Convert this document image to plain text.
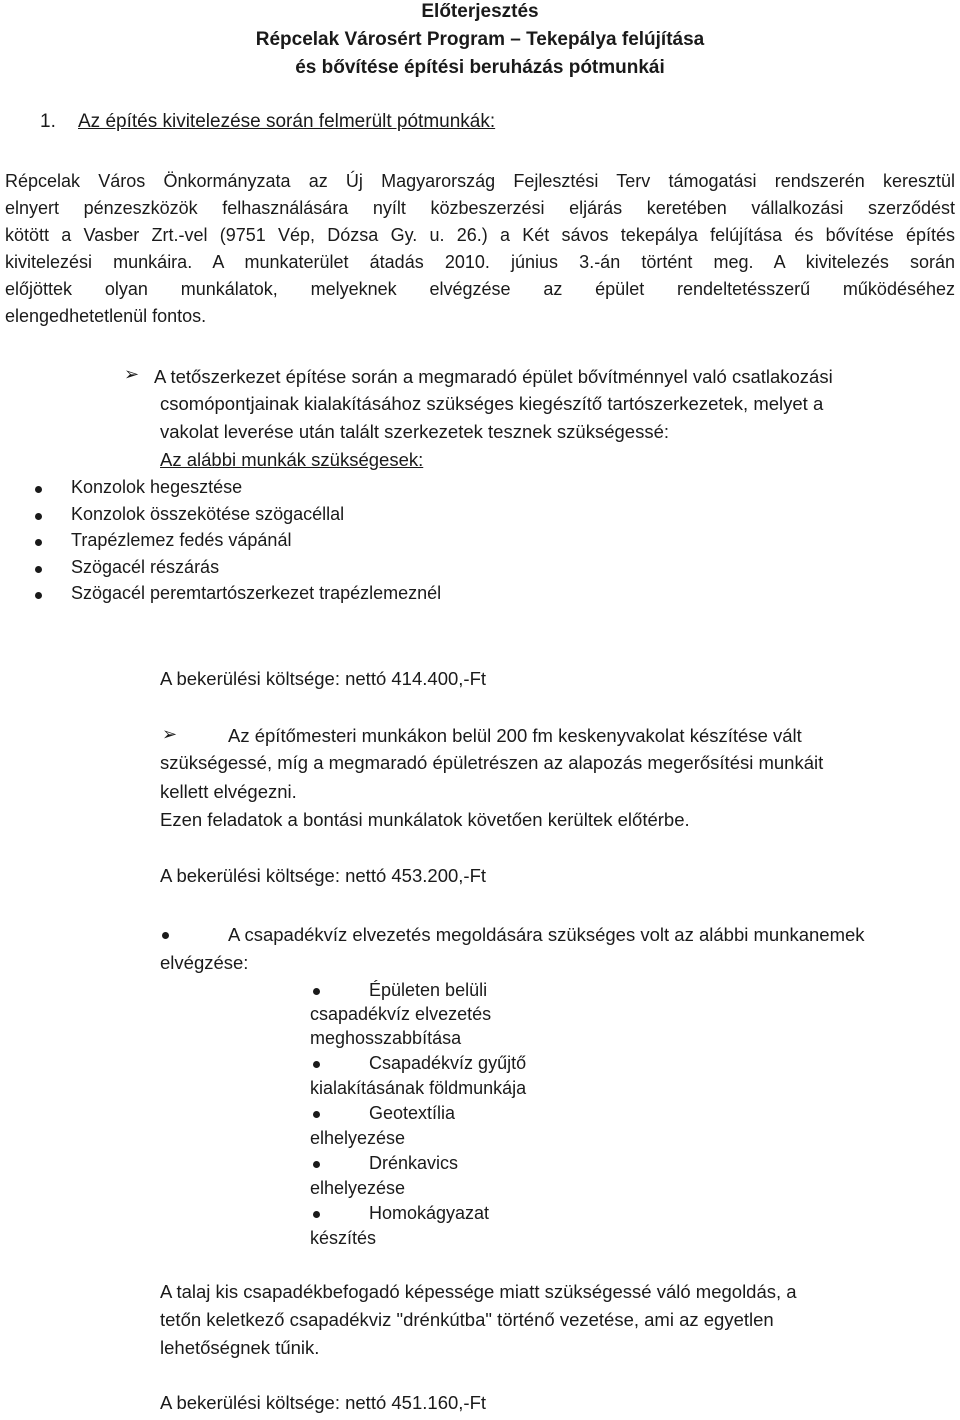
Előterjesztés
Répcelak Városért Program – Tekepálya felújítása
és bővítése építési beruházás pótmunkái
1. Az építés kivitelezése során felmerült pótmunkák:
Répcelak Város Önkormányzata az Új Magyarország Fejlesztési Terv támogatási rendszerén keresztül
elnyert pénzeszközök felhasználására nyílt közbeszerzési eljárás keretében vállalkozási szerződést
kötött a Vasber Zrt.-vel (9751 Vép, Dózsa Gy. u. 26.) a Két sávos tekepálya felújítása és bővítése építés
kivitelezési munkáira. A munkaterület átadás 2010. június 3.-án történt meg. A kivitelezés során
előjöttek olyan munkálatok, melyeknek elvégzése az épület rendeltetésszerű működéséhez
elengedhetetlenül fontos.
➢ A tetőszerkezet építése során a megmaradó épület bővítménnyel való csatlakozási
csomópontjainak kialakításához szükséges kiegészítő tartószerkezetek, melyet a
vakolat leverése után talált szerkezetek tesznek szükségessé:
Az alábbi munkák szükségesek:
Konzolok hegesztése
Konzolok összekötése szögacéllal
Trapézlemez fedés vápánál
Szögacél részárás
Szögacél peremtartószerkezet trapézlemeznél
A bekerülési költsége: nettó 414.400,-Ft
➢	Az építőmesteri munkákon belül 200 fm keskenyvakolat készítése vált
szükségessé, míg a megmaradó épületrészen az alapozás megerősítési munkáit
kellett elvégezni.
Ezen feladatok a bontási munkálatok követően kerültek előtérbe.
A bekerülési költsége: nettó 453.200,-Ft
A csapadékvíz elvezetés megoldására szükséges volt az alábbi munkanemek
elvégzése:
Épületen belüli
csapadékvíz elvezetés
meghosszabbítása
Csapadékvíz gyűjtő
kialakításának földmunkája
Geotextília
elhelyezése
Drénkavics
elhelyezése
Homokágyazat
készítés
A talaj kis csapadékbefogadó képessége miatt szükségessé váló megoldás, a
tetőn keletkező csapadékviz "drénkútba" történő vezetése, ami az egyetlen
lehetőségnek tűnik.
A bekerülési költsége: nettó 451.160,-Ft
